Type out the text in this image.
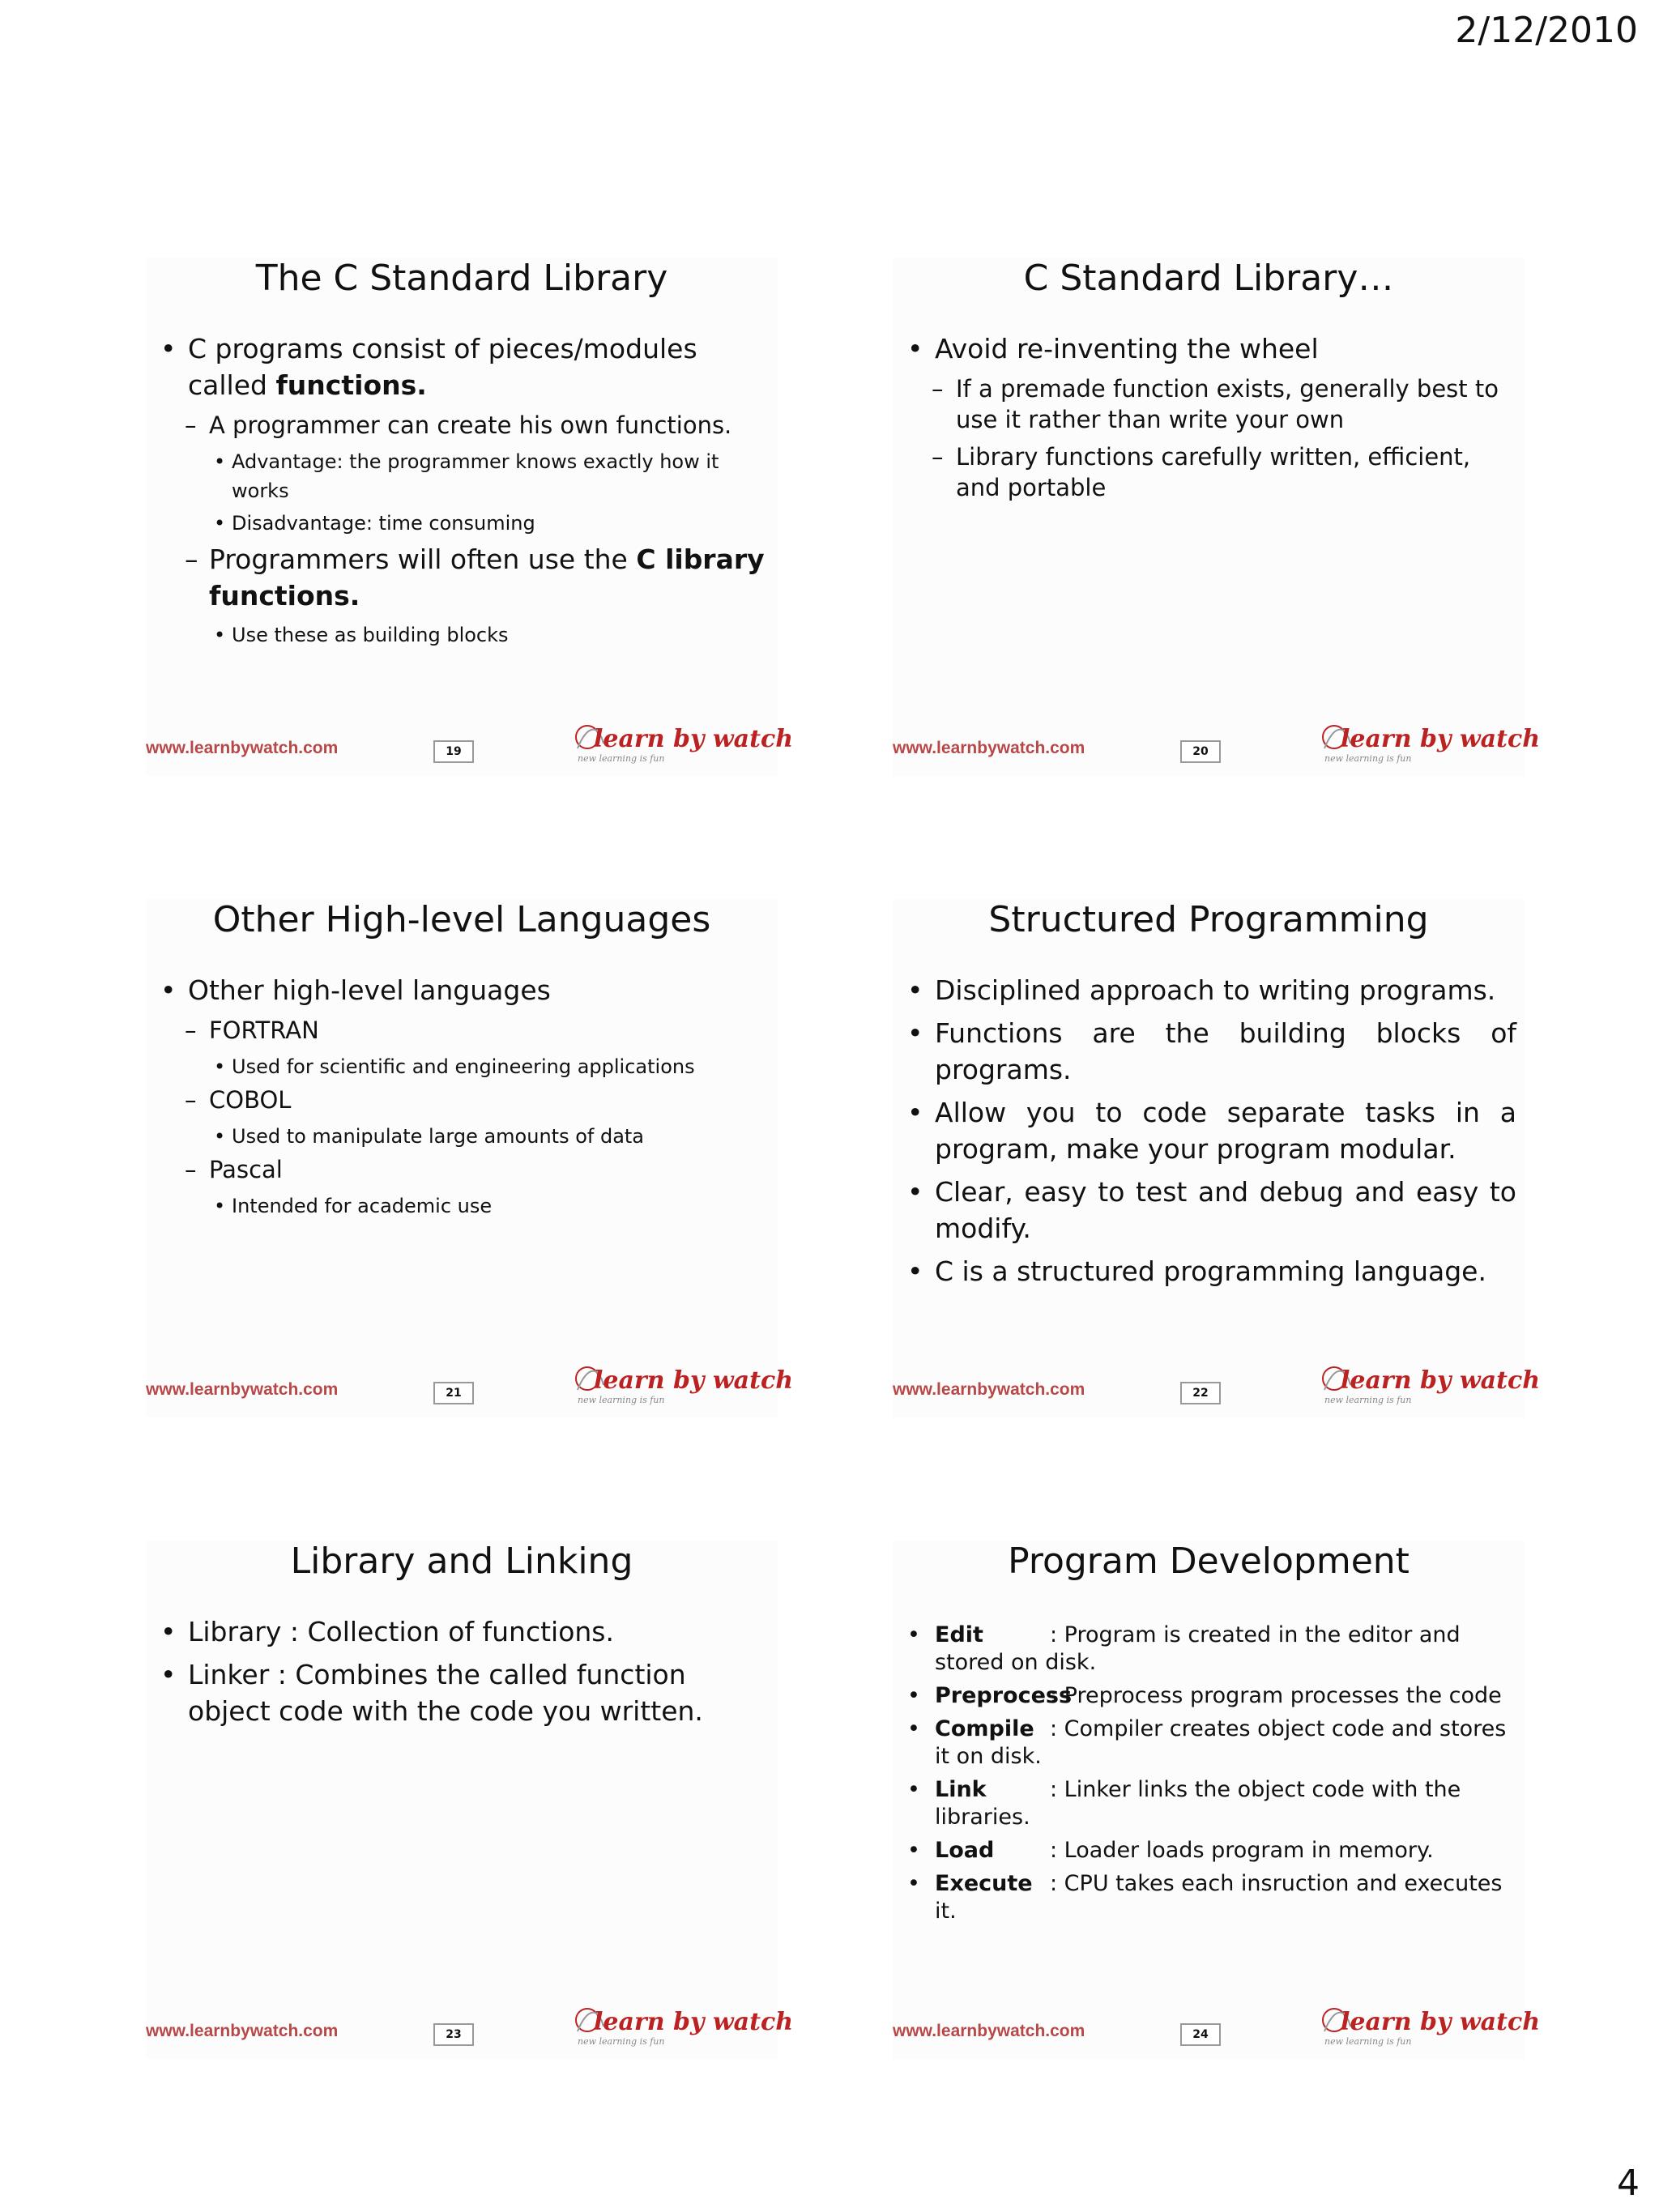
2/12/2010
The C Standard Library
• C programs consist of pieces/modules called functions.
– A programmer can create his own functions.
• Advantage: the programmer knows exactly how it works
• Disadvantage: time consuming
– Programmers will often use the C library functions.
• Use these as building blocks
www.learnbywatch.com	19	learn by watch
new learning is fun
C Standard Library…
• Avoid re-inventing the wheel
– If a premade function exists, generally best to use it rather than write your own
– Library functions carefully written, efficient, and portable
www.learnbywatch.com	20	learn by watch
new learning is fun
Other High-level Languages
• Other high-level languages
– FORTRAN
• Used for scientific and engineering applications
– COBOL
• Used to manipulate large amounts of data
– Pascal
• Intended for academic use
www.learnbywatch.com	21	learn by watch
new learning is fun
Structured Programming
• Disciplined approach to writing programs.
• Functions are the building blocks of programs.
• Allow you to code separate tasks in a program, make your program modular.
• Clear, easy to test and debug and easy to modify.
• C is a structured programming language.
www.learnbywatch.com	22	learn by watch
new learning is fun
Library and Linking
• Library : Collection of functions.
• Linker : Combines the called function object code with the code you written.
www.learnbywatch.com	23	learn by watch
new learning is fun
Program Development
• Edit	: Program is created in the editor and stored on disk.
• Preprocess: Preprocess program processes the code
• Compile : Compiler creates object code and stores it on disk.
• Link	: Linker links the object code with the libraries.
• Load	: Loader loads program in memory.
• Execute : CPU takes each insruction and executes it.
www.learnbywatch.com	24	learn by watch
new learning is fun
4
